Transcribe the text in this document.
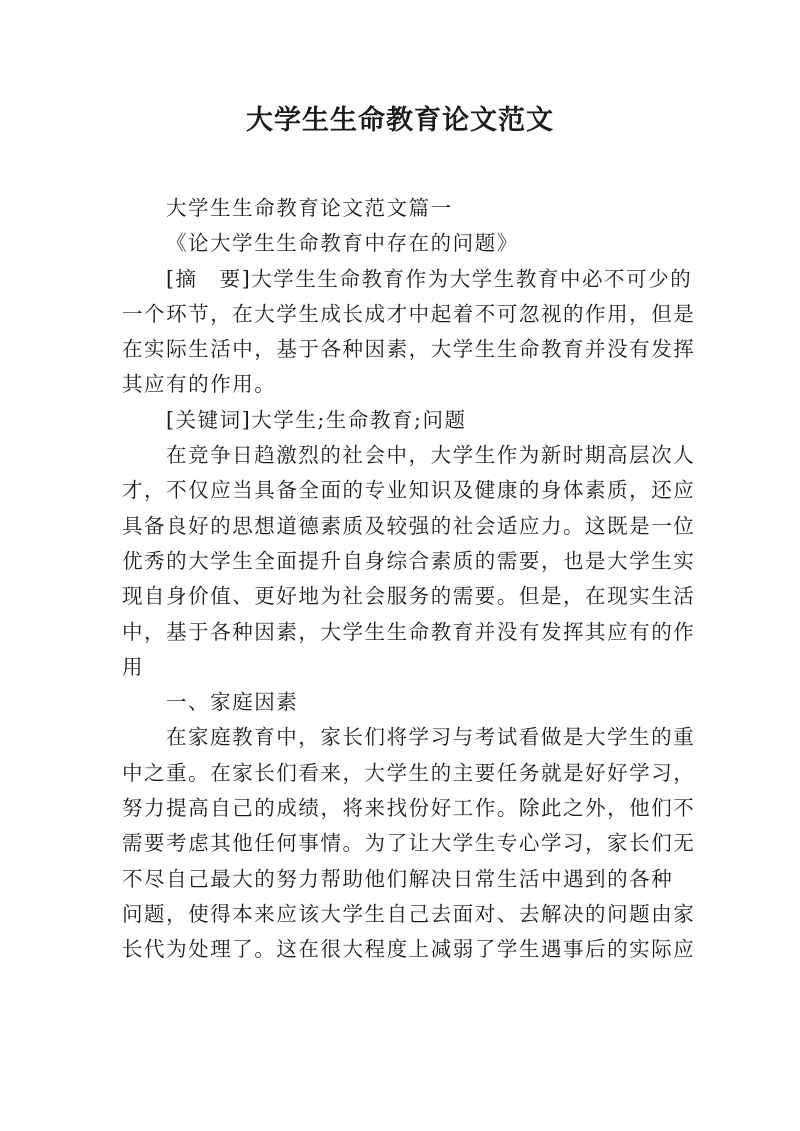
大学生生命教育论文范文
大学生生命教育论文范文篇一
《论大学生生命教育中存在的问题》
[摘　要]大学生生命教育作为大学生教育中必不可少的
一个环节，在大学生成长成才中起着不可忽视的作用，但是
在实际生活中，基于各种因素，大学生生命教育并没有发挥
其应有的作用。
[关键词]大学生;生命教育;问题
在竞争日趋激烈的社会中，大学生作为新时期高层次人
才，不仅应当具备全面的专业知识及健康的身体素质，还应
具备良好的思想道德素质及较强的社会适应力。这既是一位
优秀的大学生全面提升自身综合素质的需要，也是大学生实
现自身价值、更好地为社会服务的需要。但是，在现实生活
中，基于各种因素，大学生生命教育并没有发挥其应有的作
用
一、家庭因素
在家庭教育中，家长们将学习与考试看做是大学生的重
中之重。在家长们看来，大学生的主要任务就是好好学习，
努力提高自己的成绩，将来找份好工作。除此之外，他们不
需要考虑其他任何事情。为了让大学生专心学习，家长们无
不尽自己最大的努力帮助他们解决日常生活中遇到的各种
问题，使得本来应该大学生自己去面对、去解决的问题由家
长代为处理了。这在很大程度上减弱了学生遇事后的实际应
